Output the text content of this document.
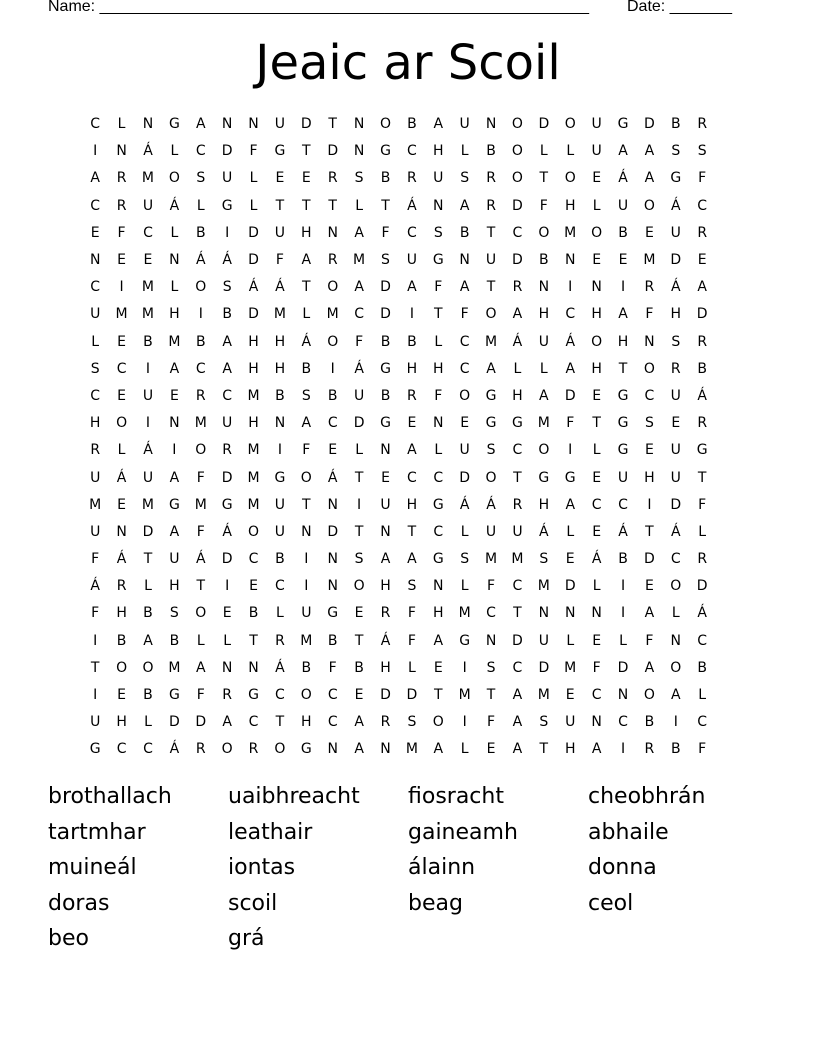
Name: _______________________________________________________ Date: _______
Jeaic ar Scoil
C	L	N	G	A	N	N	U	D	T	N	O	B	A	U	N	O	D	O	U	G	D	B	R
I	N	Á	L	C	D	F	G	T	D	N	G	C	H	L	B	O	L	L	U	A	A	S	S
A	R	M	O	S	U	L	E	E	R	S	B	R	U	S	R	O	T	O	E	Á	A	G	F
C	R	U	Á	L	G	L	T	T	T	L	T	Á	N	A	R	D	F	H	L	U	O	Á	C
E	F	C	L	B	I	D	U	H	N	A	F	C	S	B	T	C	O	M	O	B	E	U	R
N	E	E	N	Á	Á	D	F	A	R	M	S	U	G	N	U	D	B	N	E	E	M	D	E
C	I	M	L	O	S	Á	Á	T	O	A	D	A	F	A	T	R	N	I	N	I	R	Á	A
U	M	M	H	I	B	D	M	L	M	C	D	I	T	F	O	A	H	C	H	A	F	H	D
L	E	B	M	B	A	H	H	Á	O	F	B	B	L	C	M	Á	U	Á	O	H	N	S	R
S	C	I	A	C	A	H	H	B	I	Á	G	H	H	C	A	L	L	A	H	T	O	R	B
C	E	U	E	R	C	M	B	S	B	U	B	R	F	O	G	H	A	D	E	G	C	U	Á
H	O	I	N	M	U	H	N	A	C	D	G	E	N	E	G	G	M	F	T	G	S	E	R
R	L	Á	I	O	R	M	I	F	E	L	N	A	L	U	S	C	O	I	L	G	E	U	G
U	Á	U	A	F	D	M	G	O	Á	T	E	C	C	D	O	T	G	G	E	U	H	U	T
M	E	M	G	M	G	M	U	T	N	I	U	H	G	Á	Á	R	H	A	C	C	I	D	F
U	N	D	A	F	Á	O	U	N	D	T	N	T	C	L	U	U	Á	L	E	Á	T	Á	L
F	Á	T	U	Á	D	C	B	I	N	S	A	A	G	S	M	M	S	E	Á	B	D	C	R
Á	R	L	H	T	I	E	C	I	N	O	H	S	N	L	F	C	M	D	L	I	E	O	D
F	H	B	S	O	E	B	L	U	G	E	R	F	H	M	C	T	N	N	N	I	A	L	Á
I	B	A	B	L	L	T	R	M	B	T	Á	F	A	G	N	D	U	L	E	L	F	N	C
T	O	O	M	A	N	N	Á	B	F	B	H	L	E	I	S	C	D	M	F	D	A	O	B
I	E	B	G	F	R	G	C	O	C	E	D	D	T	M	T	A	M	E	C	N	O	A	L
U	H	L	D	D	A	C	T	H	C	A	R	S	O	I	F	A	S	U	N	C	B	I	C
G	C	C	Á	R	O	R	O	G	N	A	N	M	A	L	E	A	T	H	A	I	R	B	F
brothallach	uaibhreacht	fiosracht	cheobhrán
tartmhar	leathair	gaineamh	abhaile
muineál	iontas	álainn	donna
doras	scoil	beag	ceol
beo	grá
